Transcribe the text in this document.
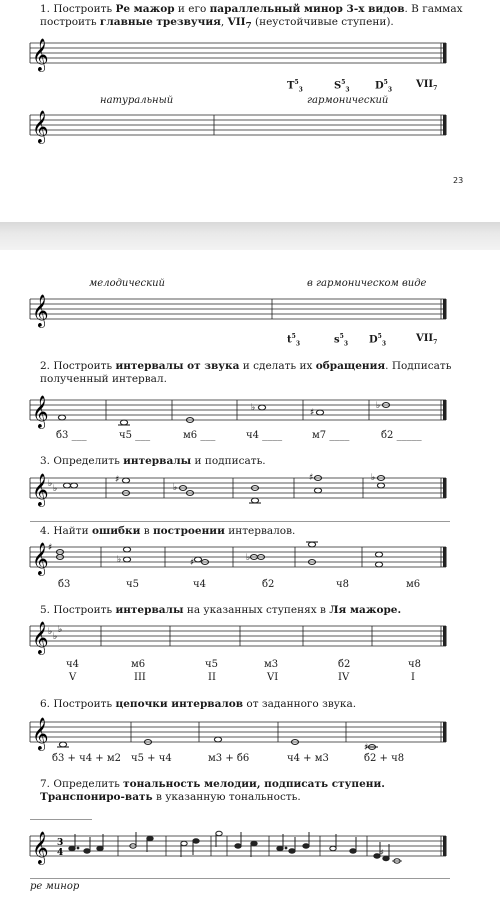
1. Построить Ре мажор и его параллельный минор 3-х видов. В гаммах построить главные трезвучия, $VII_7$ (неустойчивые ступени).
𝄞
$T^5_3$	$S^5_3$	$D^5_3$ $VII_7$
натуральный	гармонический
𝄞
23
мелодический	в гармоническом виде
𝄞
$t^5_3$	$s^5_3$ $D^5_3$	$VII_7$
2. Построить интервалы от звука и сделать их обращения. Подписать полученный интервал.
𝄞	♭	♯
♭
б3 ___	ч5 ___	м6 ___	ч4 ____	м7 ____	б2 _____
3. Определить интервалы и подписать.
𝄞 ♭ ♭
♯
♭
♯	♭
4. Найти ошибки в построении интервалов.
𝄞 ♯
♭	♯	♭
б3	ч5	ч4	б2	ч8	м6
5. Построить интервалы на указанных ступенях в Ля мажоре.
𝄞 ♭ ♭
♭
ч4	м6	ч5	м3	б2	ч8
V	III	II	VI	IV	I
6. Построить цепочки интервалов от заданного звука.
𝄞	♯
б3 + ч4 + м2 ч5 + ч4	м3 + б6	ч4 + м3	б2 + ч8
7. Определить тональность мелодии, подписать ступени. Транспониро-вать в указанную тональность.
𝄞 3
4	♯
ре минор
